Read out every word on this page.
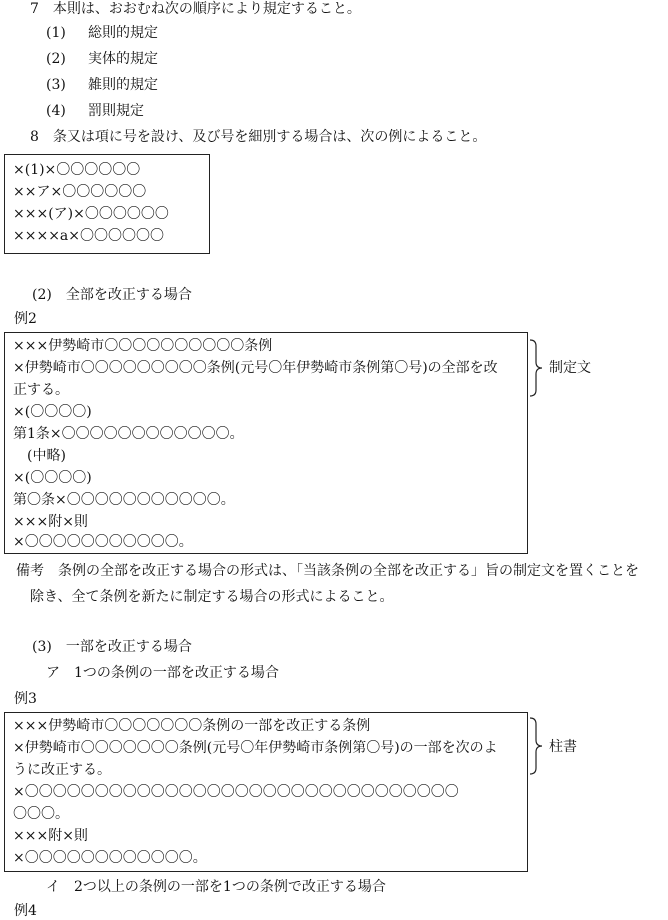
7　本則は、おおむね次の順序により規定すること。
(1) 総則的規定
(2) 実体的規定
(3) 雑則的規定
(4) 罰則規定
8　条又は項に号を設け、及び号を細別する場合は、次の例によること。
×(1)×〇〇〇〇〇〇
××ア×〇〇〇〇〇〇
×××(ア)×〇〇〇〇〇〇
××××a×〇〇〇〇〇〇
(2)　全部を改正する場合
例2
×××伊勢崎市〇〇〇〇〇〇〇〇〇〇条例
×伊勢崎市〇〇〇〇〇〇〇〇〇条例(元号〇年伊勢崎市条例第〇号)の全部を改
正する。
×(〇〇〇〇)
第1条×〇〇〇〇〇〇〇〇〇〇〇〇。
　(中略)
×(〇〇〇〇)
第〇条×〇〇〇〇〇〇〇〇〇〇〇。
×××附×則
×〇〇〇〇〇〇〇〇〇〇〇。
制定文
備考　条例の全部を改正する場合の形式は、「当該条例の全部を改正する」旨の制定文を置くことを
除き、全て条例を新たに制定する場合の形式によること。
(3)　一部を改正する場合
ア　1つの条例の一部を改正する場合
例3
×××伊勢崎市〇〇〇〇〇〇〇条例の一部を改正する条例
×伊勢崎市〇〇〇〇〇〇〇条例(元号〇年伊勢崎市条例第〇号)の一部を次のよ
うに改正する。
×〇〇〇〇〇〇〇〇〇〇〇〇〇〇〇〇〇〇〇〇〇〇〇〇〇〇〇〇〇〇〇
〇〇〇。
×××附×則
×〇〇〇〇〇〇〇〇〇〇〇〇。
柱書
イ　2つ以上の条例の一部を1つの条例で改正する場合
例4
